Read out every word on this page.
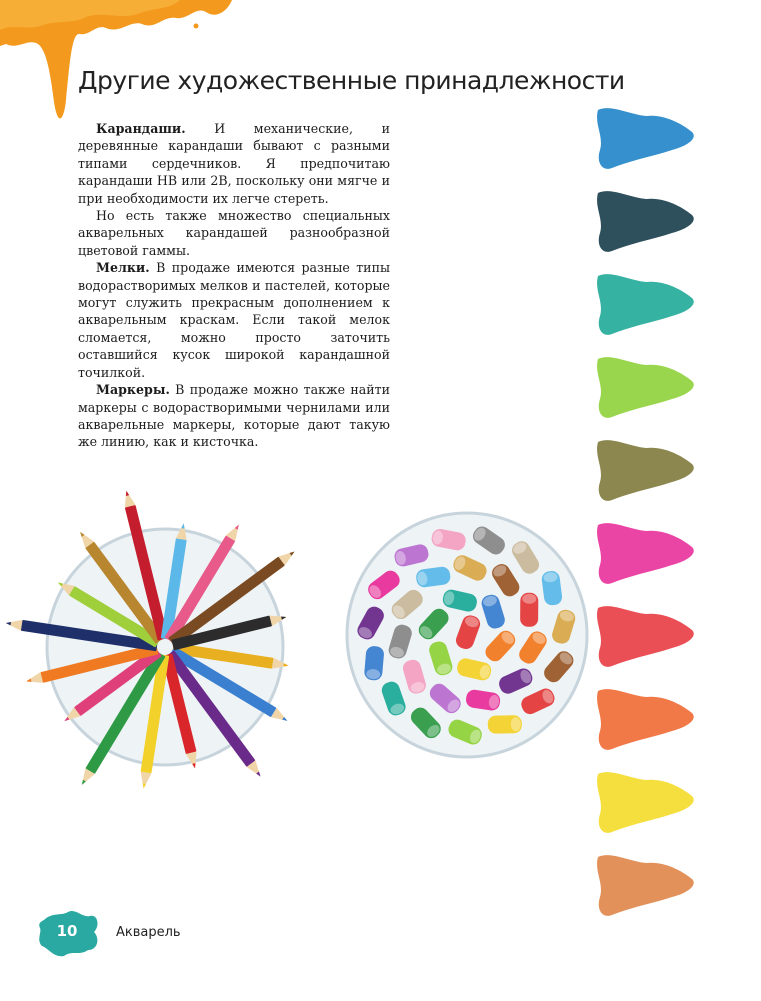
Другие художественные принадлежности

Карандаши. И механические, и деревянные карандаши бывают с разными типами сердечников. Я предпочитаю карандаши HB или 2B, поскольку они мягче и при необходимости их легче стереть.

Но есть также множество специальных акварельных карандашей разнообразной цветовой гаммы.

Мелки. В продаже имеются разные типы водорастворимых мелков и пастелей, которые могут служить прекрасным дополнением к акварельным краскам. Если такой мелок сломается, можно просто заточить оставшийся кусок широкой карандашной точилкой.

Маркеры. В продаже можно также найти маркеры с водорастворимыми чернилами или акварельные маркеры, которые дают такую же линию, как и кисточка.

10	Акварель
